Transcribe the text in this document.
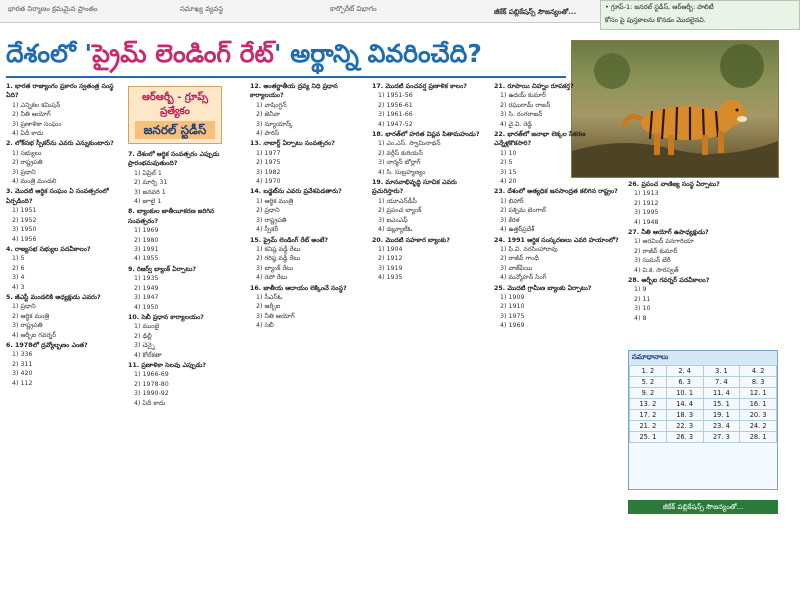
భారత నిర్మాణం క్రమమైన ప్రాంతం	సమాఖ్య వ్యవస్థ	కార్పొరేట్ విభాగం	జీకేక్ పబ్లికేషన్స్ సౌజన్యంతో...
• గ్రూప్-1: జనరల్ స్టడీస్, ఆర్ఆర్బీ: పాలిటీ
కోసం పై పుస్తకాలను కొనడం మొదలైనవి.
దేశంలో 'ప్రైమ్ లెండింగ్ రేట్' అర్థాన్ని వివరించేది?
1. భారత రాజ్యాంగం ప్రకారం స్వతంత్ర సంస్థ ఏది?
1) ఎన్నికల కమిషన్
2) నీతి ఆయోగ్
3) ప్రణాళికా సంఘం
4) ఏదీ కాదు
2. లోక్‌సభ స్పీకర్‌ను ఎవరు ఎన్నుకుంటారు?
1) సభ్యులు
2) రాష్ట్రపతి
3) ప్రధాని
4) మంత్రి మండలి
3. మొదటి ఆర్థిక సంఘం ఏ సంవత్సరంలో ఏర్పడింది?
1) 1951
2) 1952
3) 1950
4) 1956
4. రాజ్యసభ సభ్యుల పదవీకాలం?
1) 5
2) 6
3) 4
4) 3
5. జీఎస్టీ మండలికి అధ్యక్షుడు ఎవరు?
1) ప్రధాని
2) ఆర్థిక మంత్రి
3) రాష్ట్రపతి
4) ఆర్బీఐ గవర్నర్
6. 1978లో ద్రవ్యోల్బణం ఎంత?
1) 336
2) 311
3) 420
4) 112
7. దేశంలో ఆర్థిక సంవత్సరం ఎప్పుడు ప్రారంభమవుతుంది?
1) ఏప్రిల్ 1
2) మార్చి 31
3) జనవరి 1
4) జూలై 1
8. బ్యాంకుల జాతీయీకరణ జరిగిన సంవత్సరం?
1) 1969
2) 1980
3) 1991
4) 1955
9. రిజర్వ్ బ్యాంక్ ఏర్పాటు?
1) 1935
2) 1949
3) 1947
4) 1950
10. సెబీ ప్రధాన కార్యాలయం?
1) ముంబై
2) ఢిల్లీ
3) చెన్నై
4) కోల్‌కతా
11. ప్రణాళికా సెలవు ఎప్పుడు?
1) 1966-69
2) 1978-80
3) 1990-92
4) ఏదీ కాదు
ఆర్ఆర్బీ - గ్రూప్స్ ప్రత్యేకం
జనరల్ స్టడీస్
12. అంతర్జాతీయ ద్రవ్య నిధి ప్రధాన కార్యాలయం?
1) వాషింగ్టన్
2) జెనీవా
3) న్యూయార్క్
4) పారిస్
13. నాబార్డ్ ఏర్పాటు సంవత్సరం?
1) 1977
2) 1975
3) 1982
4) 1970
14. బడ్జెట్‌ను ఎవరు ప్రవేశపెడతారు?
1) ఆర్థిక మంత్రి
2) ప్రధాని
3) రాష్ట్రపతి
4) స్పీకర్
15. ప్రైమ్ లెండింగ్ రేట్ అంటే?
1) కనిష్ఠ వడ్డీ రేటు
2) గరిష్ఠ వడ్డీ రేటు
3) బ్యాంక్ రేటు
4) రెపో రేటు
16. జాతీయ ఆదాయం లెక్కించే సంస్థ?
1) సీఎస్ఓ
2) ఆర్బీఐ
3) నీతి ఆయోగ్
4) సెబీ
17. మొదటి పంచవర్ష ప్రణాళిక కాలం?
1) 1951-56
2) 1956-61
3) 1961-66
4) 1947-52
18. భారత్‌లో హరిత విప్లవ పితామహుడు?
1) ఎం.ఎస్. స్వామినాథన్
2) వర్గీస్ కురియన్
3) నార్మన్ బోర్లాగ్
4) సి. సుబ్రహ్మణ్యం
19. మానవాభివృద్ధి సూచిక ఎవరు ప్రచురిస్తారు?
1) యూఎన్‌డీపీ
2) ప్రపంచ బ్యాంక్
3) ఐఎంఎఫ్
4) డబ్ల్యూటీఓ
20. మొదటి సహకార బ్యాంకు?
1) 1904
2) 1912
3) 1919
4) 1935
21. రూపాయి చిహ్నం రూపకర్త?
1) ఉదయ్ కుమార్
2) రఘురామ్ రాజన్
3) సి. రంగరాజన్
4) వై.వి. రెడ్డి
22. భారత్‌లో జనాభా లెక్కల సేకరణ ఎన్నేళ్లకొకసారి?
1) 10
2) 5
3) 15
4) 20
23. దేశంలో అత్యధిక జనసాంద్రత కలిగిన రాష్ట్రం?
1) బిహార్
2) పశ్చిమ బెంగాల్
3) కేరళ
4) ఉత్తర్‌ప్రదేశ్
24. 1991 ఆర్థిక సంస్కరణలు ఎవరి హయాంలో?
1) పి.వి. నరసింహారావు
2) రాజీవ్ గాంధీ
3) వాజ్‌పేయి
4) మన్మోహన్ సింగ్
25. మొదటి గ్రామీణ బ్యాంకు ఏర్పాటు?
1) 1909
2) 1910
3) 1975
4) 1969
26. ప్రపంచ వాణిజ్య సంస్థ ఏర్పాటు?
1) 1913
2) 1912
3) 1995
4) 1948
27. నీతి ఆయోగ్ ఉపాధ్యక్షుడు?
1) అరవింద్ పనగారియా
2) రాజీవ్ కుమార్
3) సుమన్ బేరీ
4) వి.కె. సారస్వత్
28. ఆర్బీఐ గవర్నర్ పదవీకాలం?
1) 9
2) 11
3) 10
4) 8
సమాధానాలు
1. 2	2. 4	3. 1	4. 2
5. 2	6. 3	7. 4	8. 3
9. 2	10. 1	11. 4	12. 1
13. 2	14. 4	15. 1	16. 1
17. 2	18. 3	19. 1	20. 3
21. 2	22. 3	23. 4	24. 2
25. 1	26. 3	27. 3	28. 1
జీకేక్ పబ్లికేషన్స్ సౌజన్యంతో...
